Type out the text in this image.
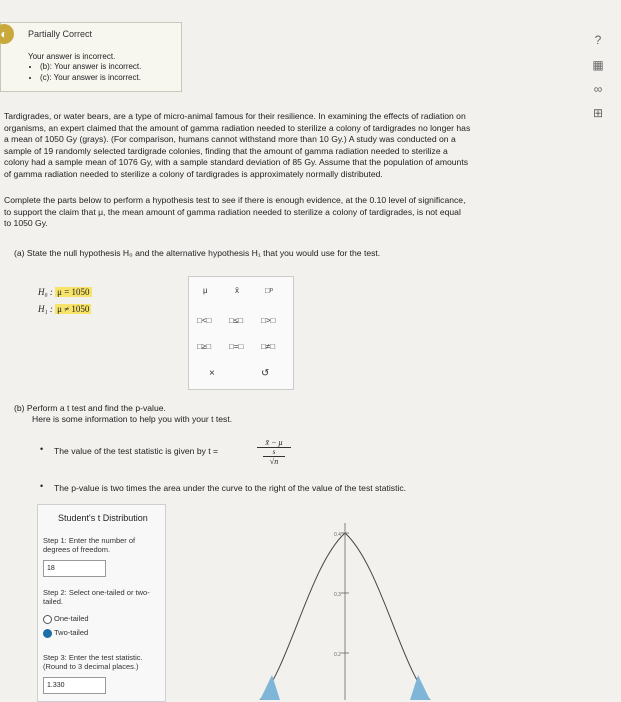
◐	Partially Correct
Your answer is incorrect.
• (b): Your answer is incorrect.
• (c): Your answer is incorrect.
?
▦
∞
⊞

Tardigrades, or water bears, are a type of micro-animal famous for their resilience. In examining the effects of radiation on
organisms, an expert claimed that the amount of gamma radiation needed to sterilize a colony of tardigrades no longer has
a mean of 1050 Gy (grays). (For comparison, humans cannot withstand more than 10 Gy.) A study was conducted on a
sample of 19 randomly selected tardigrade colonies, finding that the amount of gamma radiation needed to sterilize a
colony had a sample mean of 1076 Gy, with a sample standard deviation of 85 Gy. Assume that the population of amounts
of gamma radiation needed to sterilize a colony of tardigrades is approximately normally distributed.

Complete the parts below to perform a hypothesis test to see if there is enough evidence, at the 0.10 level of significance,
to support the claim that μ, the mean amount of gamma radiation needed to sterilize a colony of tardigrades, is not equal
to 1050 Gy.

(a) State the null hypothesis H₀ and the alternative hypothesis H₁ that you would use for the test.

H₀ : μ = 1050
H₁ : μ ≠ 1050
μ	x̄	□ᵖ
□<□ □≤□ □>□
□≥□ □=□ □≠□
×	↺

(b) Perform a t test and find the p-value.

Here is some information to help you with your t test.

• The value of the test statistic is given by t =

x̄ − μ
s
√n
• The p-value is two times the area under the curve to the right of the value of the test statistic.

Student's t Distribution
Step 1: Enter the number of degrees of freedom.
18
Step 2: Select one-tailed or two-tailed.
One-tailed
Two-tailed
Step 3: Enter the test statistic. (Round to 3 decimal places.)
1.330
0.4
0.3
0.2
